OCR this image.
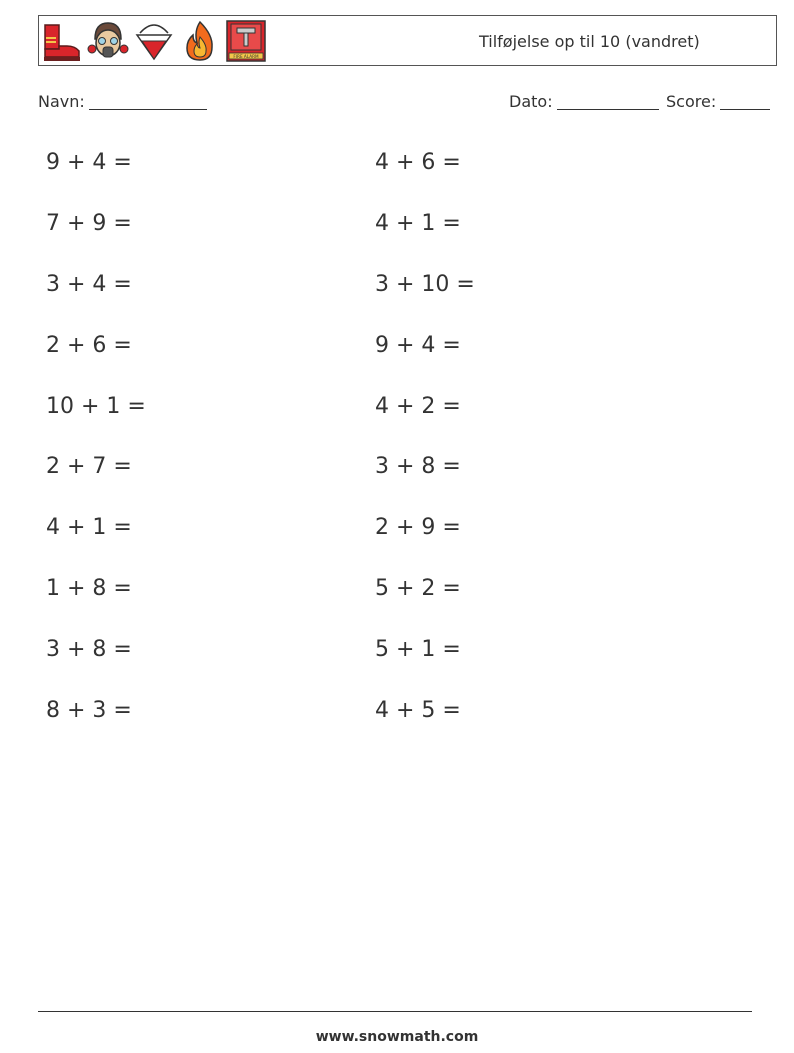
FIRE ALARM
Tilføjelse op til 10 (vandret)
Navn:	Dato:	Score:
9 + 4 =
7 + 9 =
3 + 4 =
2 + 6 =
10 + 1 =
2 + 7 =
4 + 1 =
1 + 8 =
3 + 8 =
8 + 3 =
4 + 6 =
4 + 1 =
3 + 10 =
9 + 4 =
4 + 2 =
3 + 8 =
2 + 9 =
5 + 2 =
5 + 1 =
4 + 5 =
www.snowmath.com
